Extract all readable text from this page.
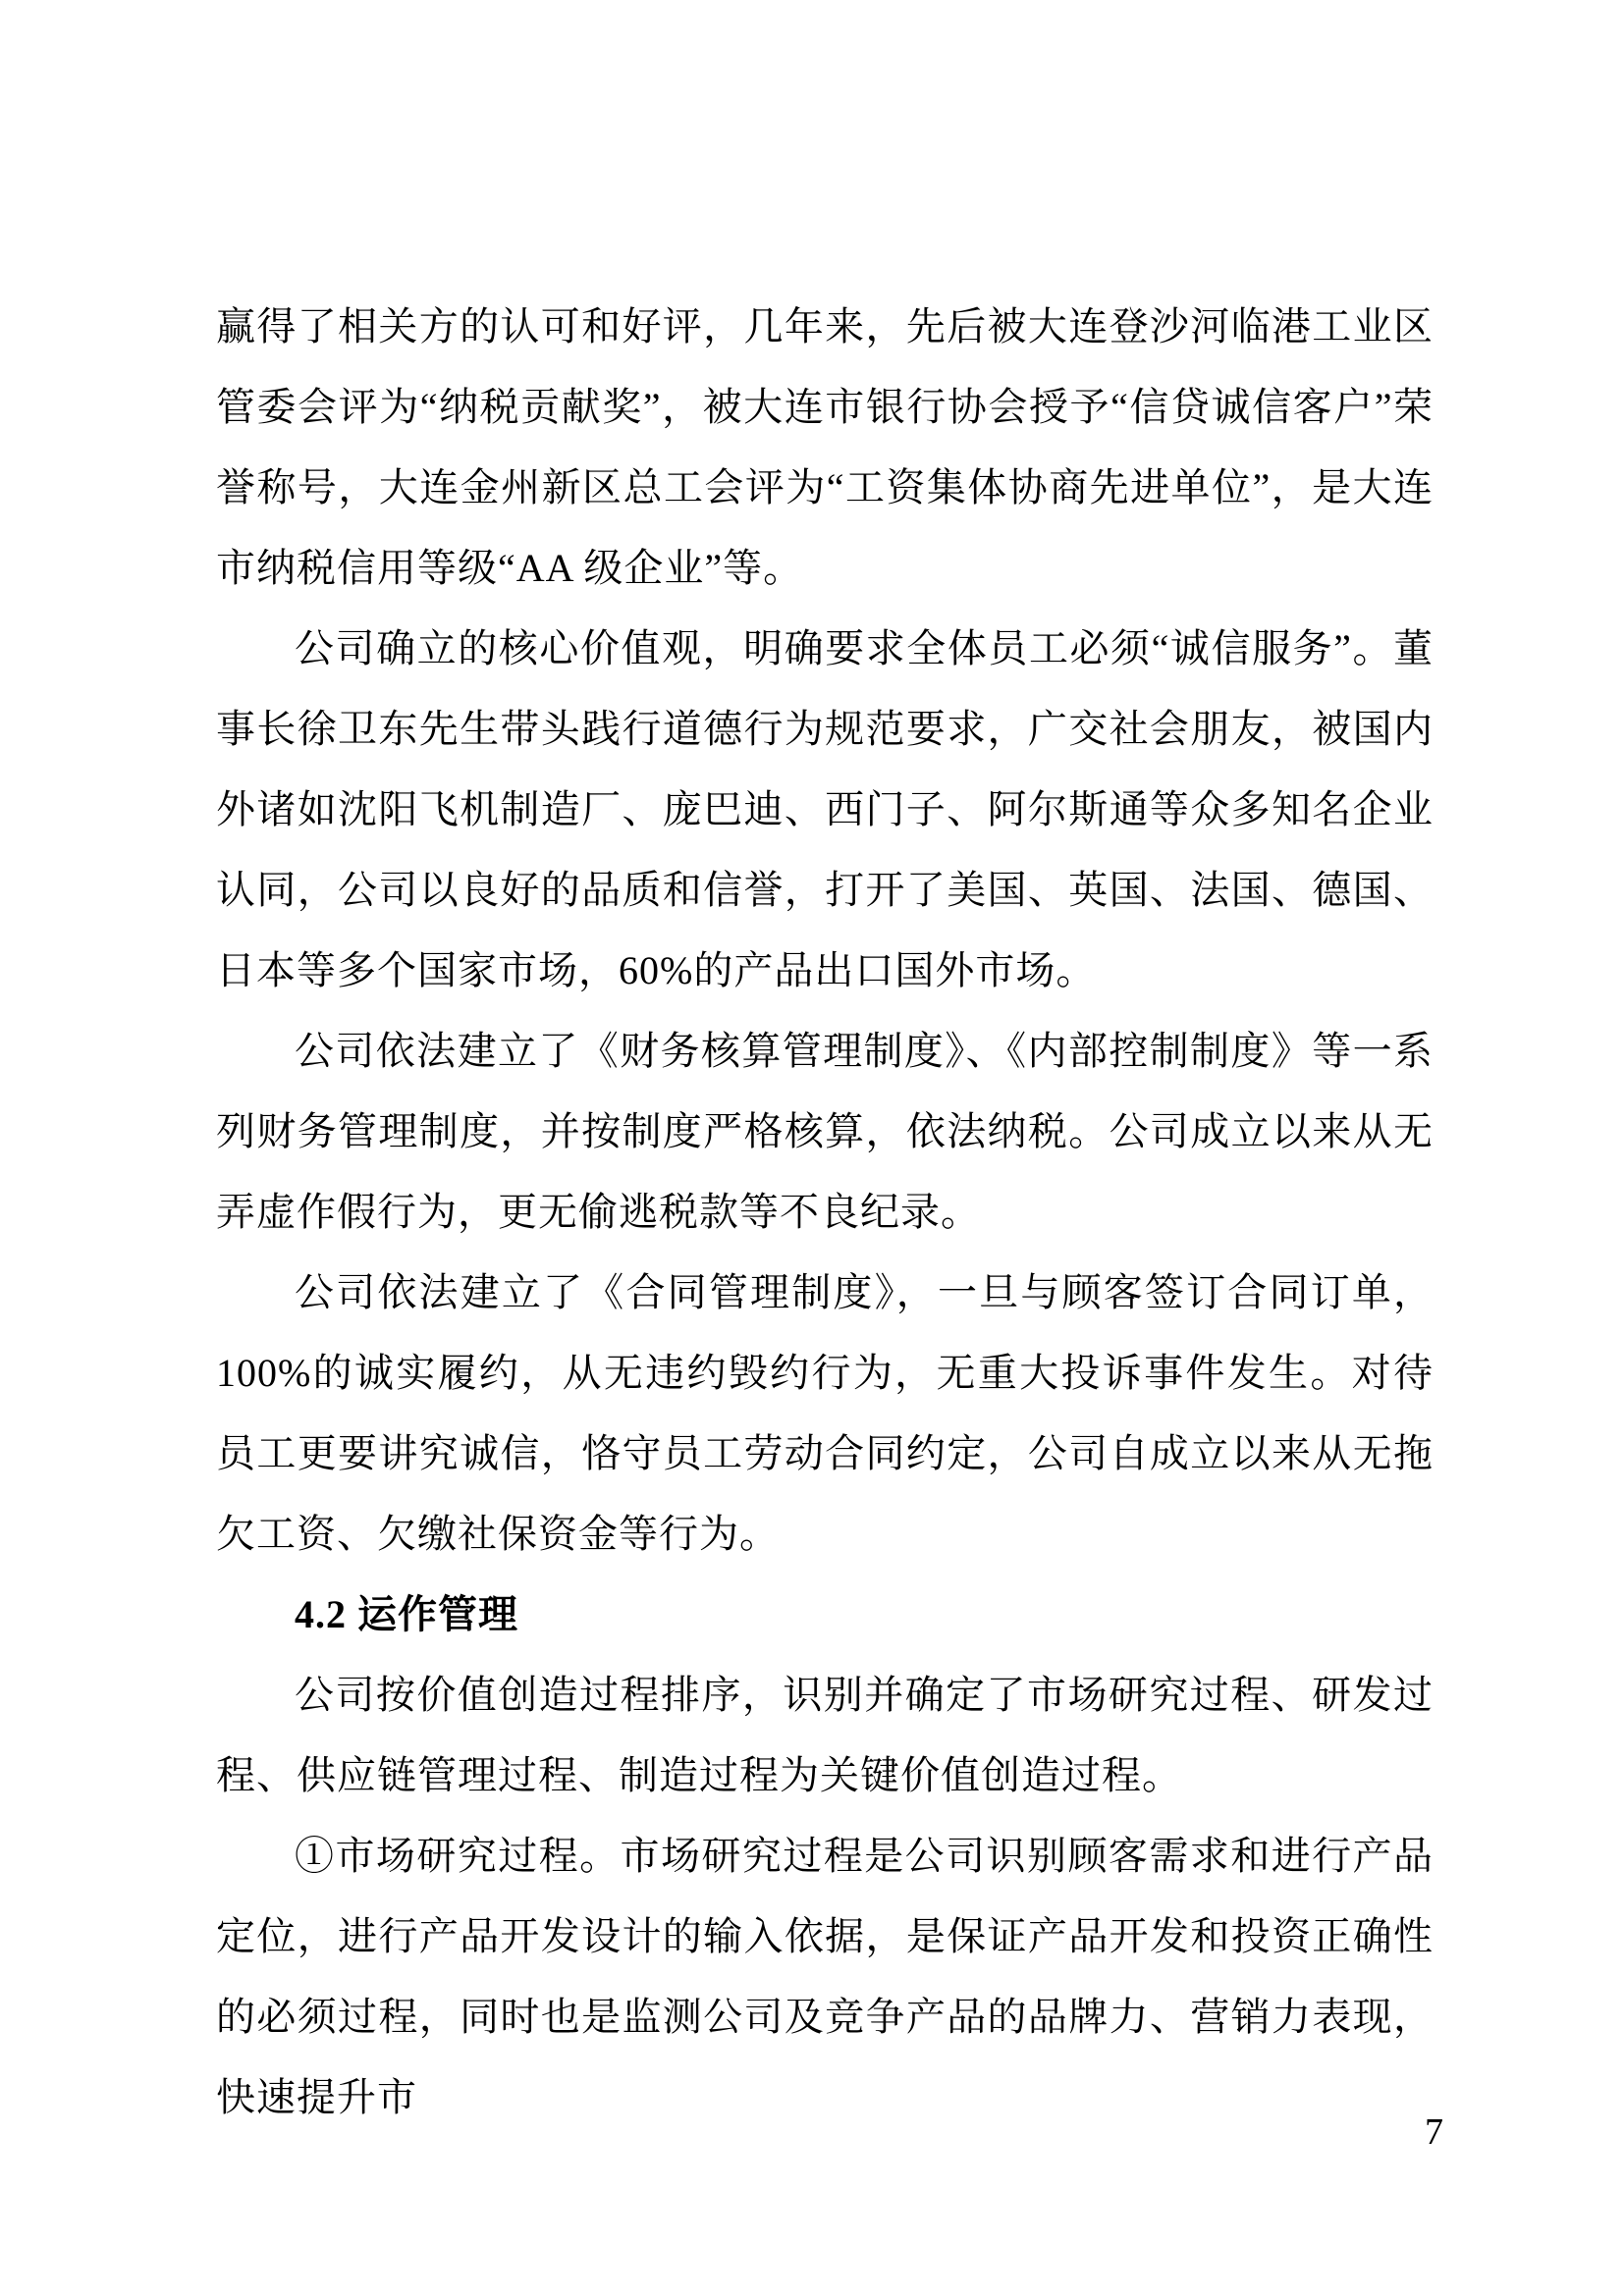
赢得了相关方的认可和好评，几年来，先后被大连登沙河临港工业区管委会评为“纳税贡献奖”，被大连市银行协会授予“信贷诚信客户”荣誉称号，大连金州新区总工会评为“工资集体协商先进单位”，是大连市纳税信用等级“AA 级企业”等。

公司确立的核心价值观，明确要求全体员工必须“诚信服务”。董事长徐卫东先生带头践行道德行为规范要求，广交社会朋友，被国内外诸如沈阳飞机制造厂、庞巴迪、西门子、阿尔斯通等众多知名企业认同，公司以良好的品质和信誉，打开了美国、英国、法国、德国、日本等多个国家市场，60%的产品出口国外市场。

公司依法建立了《财务核算管理制度》、《内部控制制度》等一系列财务管理制度，并按制度严格核算，依法纳税。公司成立以来从无弄虚作假行为，更无偷逃税款等不良纪录。

公司依法建立了《合同管理制度》，一旦与顾客签订合同订单，100%的诚实履约，从无违约毁约行为，无重大投诉事件发生。对待员工更要讲究诚信，恪守员工劳动合同约定，公司自成立以来从无拖欠工资、欠缴社保资金等行为。

4.2 运作管理

公司按价值创造过程排序，识别并确定了市场研究过程、研发过程、供应链管理过程、制造过程为关键价值创造过程。

①市场研究过程。市场研究过程是公司识别顾客需求和进行产品定位，进行产品开发设计的输入依据，是保证产品开发和投资正确性的必须过程，同时也是监测公司及竞争产品的品牌力、营销力表现，快速提升市

7
